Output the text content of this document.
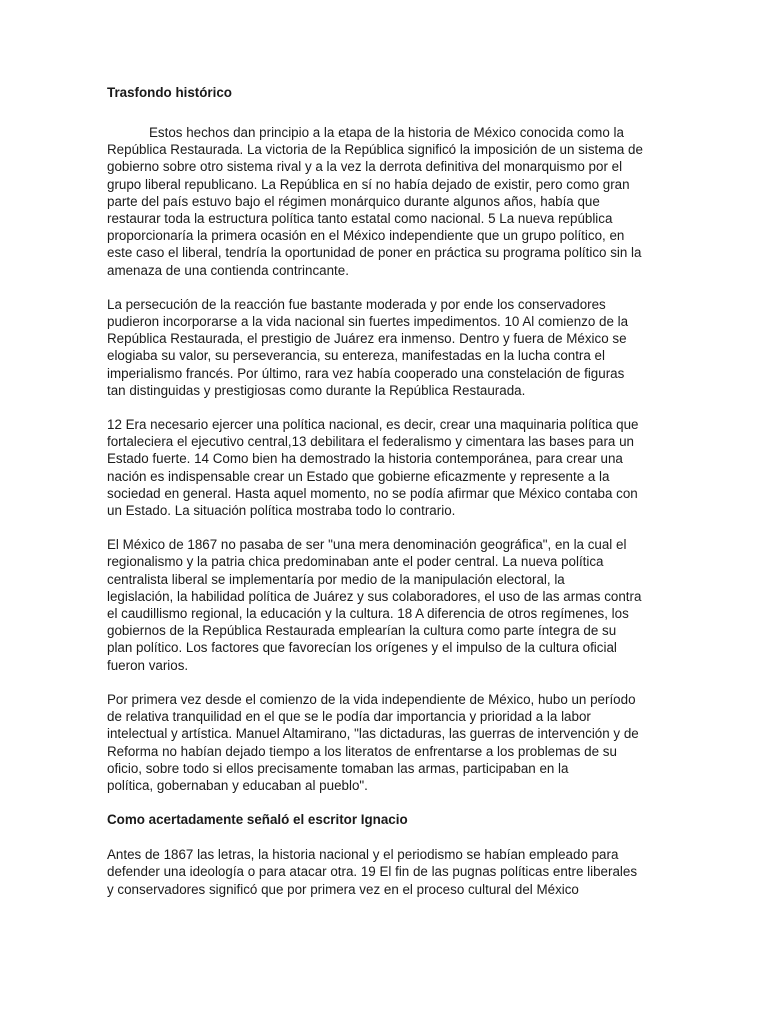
Trasfondo histórico

Estos hechos dan principio a la etapa de la historia de México conocida como la
República Restaurada. La victoria de la República significó la imposición de un sistema de
gobierno sobre otro sistema rival y a la vez la derrota definitiva del monarquismo por el
grupo liberal republicano. La República en sí no había dejado de existir, pero como gran
parte del país estuvo bajo el régimen monárquico durante algunos años, había que
restaurar toda la estructura política tanto estatal como nacional. 5 La nueva república
proporcionaría la primera ocasión en el México independiente que un grupo político, en
este caso el liberal, tendría la oportunidad de poner en práctica su programa político sin la
amenaza de una contienda contrincante.

La persecución de la reacción fue bastante moderada y por ende los conservadores
pudieron incorporarse a la vida nacional sin fuertes impedimentos. 10 Al comienzo de la
República Restaurada, el prestigio de Juárez era inmenso. Dentro y fuera de México se
elogiaba su valor, su perseverancia, su entereza, manifestadas en la lucha contra el
imperialismo francés. Por último, rara vez había cooperado una constelación de figuras
tan distinguidas y prestigiosas como durante la República Restaurada.

12 Era necesario ejercer una política nacional, es decir, crear una maquinaria política que
fortaleciera el ejecutivo central,13 debilitara el federalismo y cimentara las bases para un
Estado fuerte. 14 Como bien ha demostrado la historia contemporánea, para crear una
nación es indispensable crear un Estado que gobierne eficazmente y represente a la
sociedad en general. Hasta aquel momento, no se podía afirmar que México contaba con
un Estado. La situación política mostraba todo lo contrario.

El México de 1867 no pasaba de ser "una mera denominación geográfica", en la cual el
regionalismo y la patria chica predominaban ante el poder central. La nueva política
centralista liberal se implementaría por medio de la manipulación electoral, la
legislación, la habilidad política de Juárez y sus colaboradores, el uso de las armas contra
el caudillismo regional, la educación y la cultura. 18 A diferencia de otros regímenes, los
gobiernos de la República Restaurada emplearían la cultura como parte íntegra de su
plan político. Los factores que favorecían los orígenes y el impulso de la cultura oficial
fueron varios.

Por primera vez desde el comienzo de la vida independiente de México, hubo un período
de relativa tranquilidad en el que se le podía dar importancia y prioridad a la labor
intelectual y artística. Manuel Altamirano, "las dictaduras, las guerras de intervención y de
Reforma no habían dejado tiempo a los literatos de enfrentarse a los problemas de su
oficio, sobre todo si ellos precisamente tomaban las armas, participaban en la
política, gobernaban y educaban al pueblo".

Como acertadamente señaló el escritor Ignacio

Antes de 1867 las letras, la historia nacional y el periodismo se habían empleado para
defender una ideología o para atacar otra. 19 El fin de las pugnas políticas entre liberales
y conservadores significó que por primera vez en el proceso cultural del México
